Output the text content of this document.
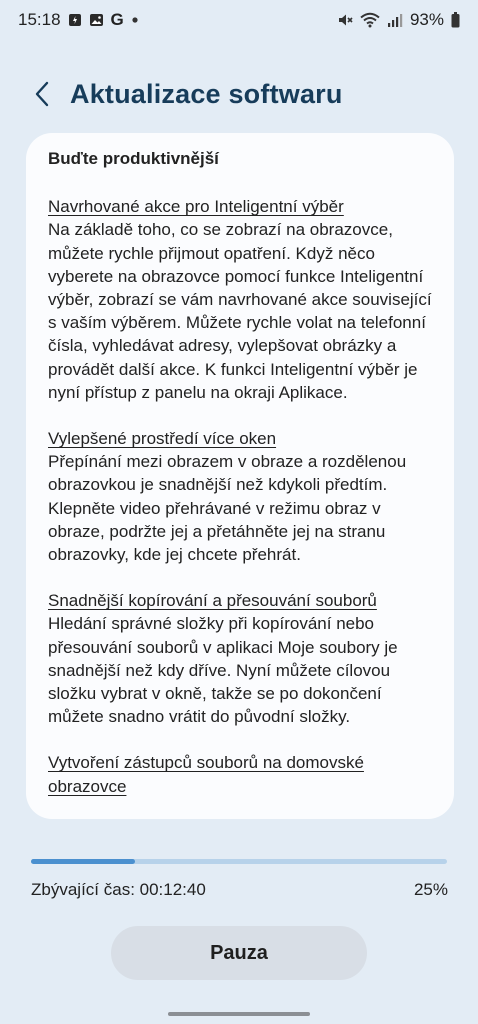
15:18	G	93%
Aktualizace softwaru
Buďte produktivnější
Navrhované akce pro Inteligentní výběr
Na základě toho, co se zobrazí na obrazovce, můžete rychle přijmout opatření. Když něco vyberete na obrazovce pomocí funkce Inteligentní výběr, zobrazí se vám navrhované akce související s vaším výběrem. Můžete rychle volat na telefonní čísla, vyhledávat adresy, vylepšovat obrázky a provádět další akce. K funkci Inteligentní výběr je nyní přístup z panelu na okraji Aplikace.
Vylepšené prostředí více oken
Přepínání mezi obrazem v obraze a rozdělenou obrazovkou je snadnější než kdykoli předtím. Klepněte video přehrávané v režimu obraz v obraze, podržte jej a přetáhněte jej na stranu obrazovky, kde jej chcete přehrát.
Snadnější kopírování a přesouvání souborů
Hledání správné složky při kopírování nebo přesouvání souborů v aplikaci Moje soubory je snadnější než kdy dříve. Nyní můžete cílovou složku vybrat v okně, takže se po dokončení můžete snadno vrátit do původní složky.
Vytvoření zástupců souborů na domovské obrazovce
Zbývající čas: 00:12:40	25%
Pauza
